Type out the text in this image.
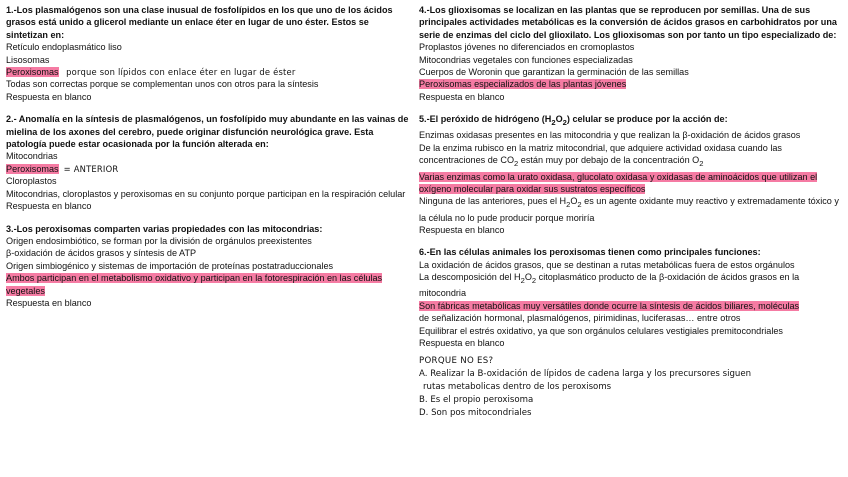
1.-Los plasmalógenos son una clase inusual de fosfolípidos en los que uno de los ácidos grasos está unido a glicerol mediante un enlace éter en lugar de uno éster. Estos se sintetizan en:
Retículo endoplasmático liso
Lisosomas
Peroxisomas porque son lípidos con enlace éter en lugar de éster
Todas son correctas porque se complementan unos con otros para la síntesis
Respuesta en blanco
2.- Anomalía en la síntesis de plasmalógenos, un fosfolípido muy abundante en las vainas de mielina de los axones del cerebro, puede originar disfunción neurológica grave. Esta patología puede estar ocasionada por la función alterada en:
Mitocondrias
Peroxisomas = ANTERIOR
Cloroplastos
Mitocondrias, cloroplastos y peroxisomas en su conjunto porque participan en la respiración celular
Respuesta en blanco
3.-Los peroxisomas comparten varias propiedades con las mitocondrias:
Origen endosimbiótico, se forman por la división de orgánulos preexistentes
β-oxidación de ácidos grasos y síntesis de ATP
Origen simbiogénico y sistemas de importación de proteínas postatraduccionales
Ambos participan en el metabolismo oxidativo y participan en la fotorespiración en las células vegetales
Respuesta en blanco
4.-Los glioxisomas se localizan en las plantas que se reproducen por semillas. Una de sus principales actividades metabólicas es la conversión de ácidos grasos en carbohidratos por una serie de enzimas del ciclo del glioxilato. Los glioxisomas son por tanto un tipo especializado de:
Proplastos jóvenes no diferenciados en cromoplastos
Mitocondrias vegetales con funciones especializadas
Cuerpos de Woronin que garantizan la germinación de las semillas
Peroxisomas especializados de las plantas jóvenes
Respuesta en blanco
5.-El peróxido de hidrógeno $(H_2O_2)$ celular se produce por la acción de:
Enzimas oxidasas presentes en las mitocondria y que realizan la β-oxidación de ácidos grasos
De la enzima rubisco en la matriz mitocondrial, que adquiere actividad oxidasa cuando las concentraciones de $CO_2$ están muy por debajo de la concentración $O_2$
Varias enzimas como la urato oxidasa, glucolato oxidasa y oxidasas de aminoácidos que utilizan el oxígeno molecular para oxidar sus sustratos específicos
Ninguna de las anteriores, pues el $H_2O_2$ es un agente oxidante muy reactivo y extremadamente tóxico y la célula no lo pude producir porque moriría
Respuesta en blanco
6.-En las células animales los peroxisomas tienen como principales funciones:
La oxidación de ácidos grasos, que se destinan a rutas metabólicas fuera de estos orgánulos
La descomposición del $H_2O_2$ citoplasmático producto de la β-oxidación de ácidos grasos en la mitocondria
Son fábricas metabólicas muy versátiles donde ocurre la síntesis de ácidos biliares, moléculas
de señalización hormonal, plasmalógenos, pirimidinas, luciferasas… entre otros
Equilibrar el estrés oxidativo, ya que son orgánulos celulares vestigiales premitocondriales
Respuesta en blanco
PORQUE NO ES?
A. Realizar la B-oxidación de lípidos de cadena larga y los precursores siguen
rutas metabolicas dentro de los peroxisoms
B. Es el propio peroxisoma
D. Son pos mitocondriales
